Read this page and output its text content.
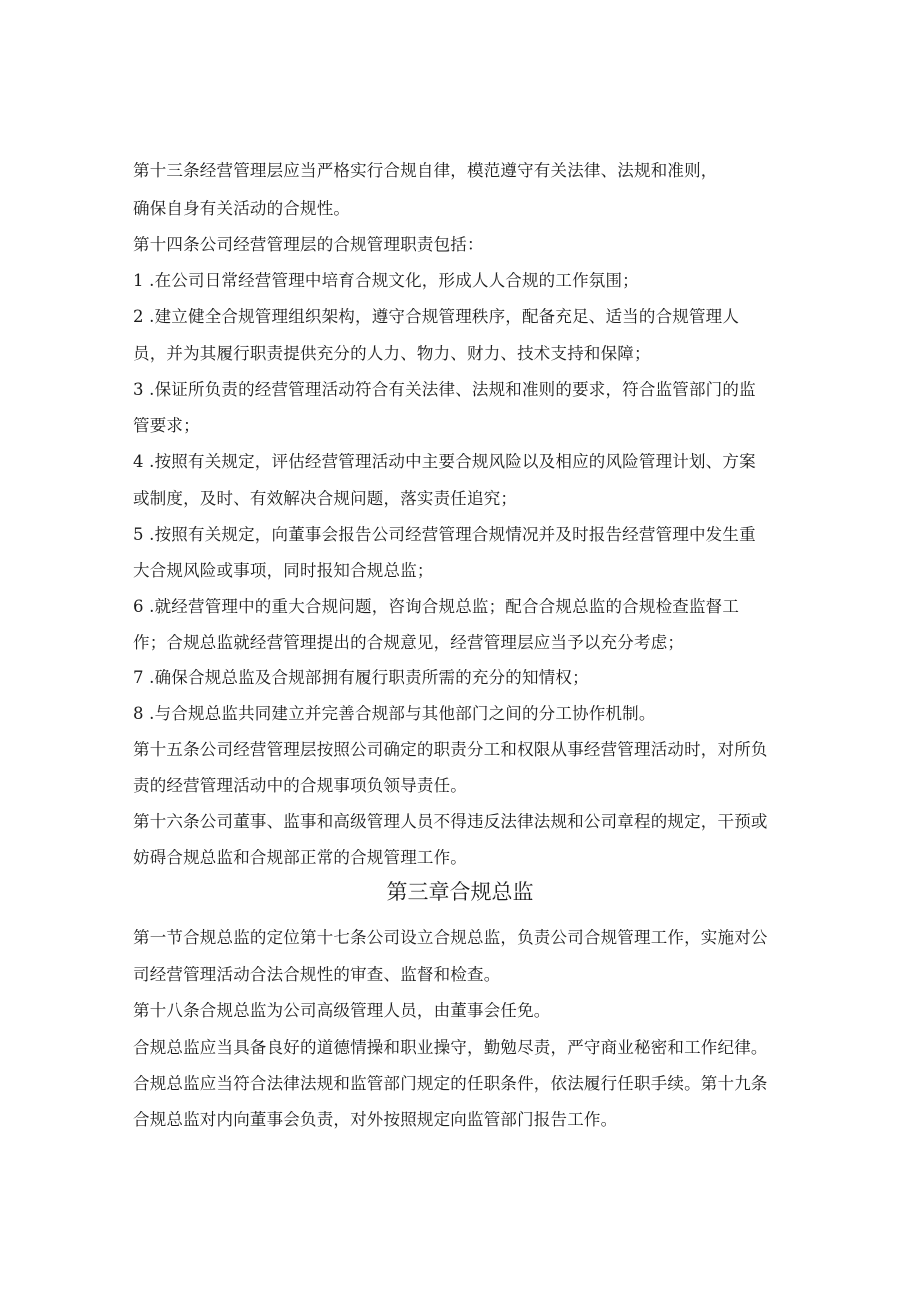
第十三条经营管理层应当严格实行合规自律，模范遵守有关法律、法规和准则，
确保自身有关活动的合规性。
第十四条公司经营管理层的合规管理职责包括：
1 .在公司日常经营管理中培育合规文化，形成人人合规的工作氛围；
2 .建立健全合规管理组织架构，遵守合规管理秩序，配备充足、适当的合规管理人
员，并为其履行职责提供充分的人力、物力、财力、技术支持和保障；
3 .保证所负责的经营管理活动符合有关法律、法规和准则的要求，符合监管部门的监
管要求；
4 .按照有关规定，评估经营管理活动中主要合规风险以及相应的风险管理计划、方案
或制度，及时、有效解决合规问题，落实责任追究；
5 .按照有关规定，向董事会报告公司经营管理合规情况并及时报告经营管理中发生重
大合规风险或事项，同时报知合规总监；
6 .就经营管理中的重大合规问题，咨询合规总监；配合合规总监的合规检查监督工
作；合规总监就经营管理提出的合规意见，经营管理层应当予以充分考虑；
7 .确保合规总监及合规部拥有履行职责所需的充分的知情权；
8 .与合规总监共同建立并完善合规部与其他部门之间的分工协作机制。
第十五条公司经营管理层按照公司确定的职责分工和权限从事经营管理活动时，对所负
责的经营管理活动中的合规事项负领导责任。
第十六条公司董事、监事和高级管理人员不得违反法律法规和公司章程的规定，干预或
妨碍合规总监和合规部正常的合规管理工作。
第三章合规总监
第一节合规总监的定位第十七条公司设立合规总监，负责公司合规管理工作，实施对公
司经营管理活动合法合规性的审查、监督和检查。
第十八条合规总监为公司高级管理人员，由董事会任免。
合规总监应当具备良好的道德情操和职业操守，勤勉尽责，严守商业秘密和工作纪律。
合规总监应当符合法律法规和监管部门规定的任职条件，依法履行任职手续。第十九条
合规总监对内向董事会负责，对外按照规定向监管部门报告工作。
